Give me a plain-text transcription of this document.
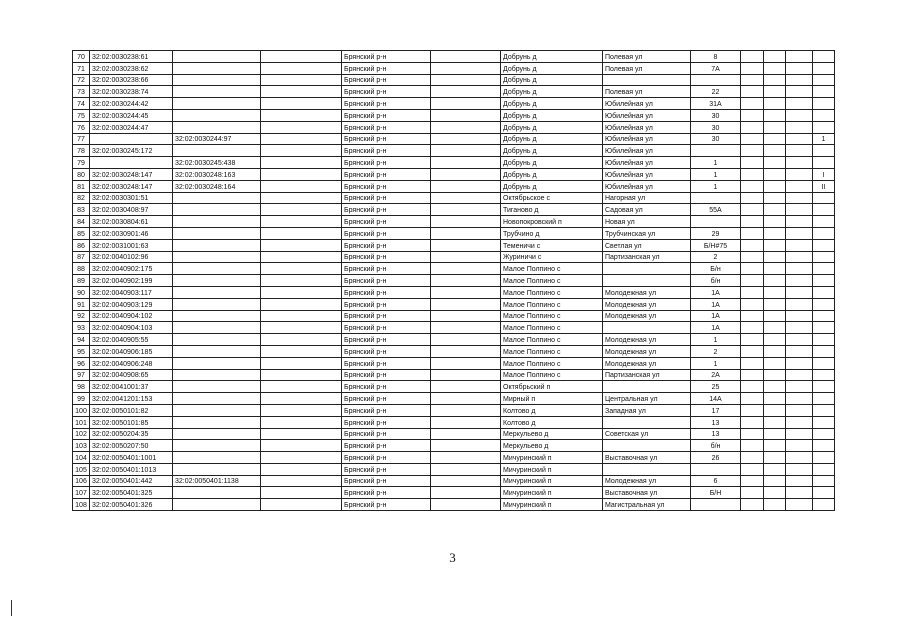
70	32:02:0030238:61			Брянский р-н		Добрунь д	Полевая ул	8				
71	32:02:0030238:62			Брянский р-н		Добрунь д	Полевая ул	7А				
72	32:02:0030238:66			Брянский р-н		Добрунь д						
73	32:02:0030238:74			Брянский р-н		Добрунь д	Полевая ул	22				
74	32:02:0030244:42			Брянский р-н		Добрунь д	Юбилейная ул	31А				
75	32:02:0030244:45			Брянский р-н		Добрунь д	Юбилейная ул	30				
76	32:02:0030244:47			Брянский р-н		Добрунь д	Юбилейная ул	30				
77		32:02:0030244:97		Брянский р-н		Добрунь д	Юбилейная ул	30				1
78	32:02:0030245:172			Брянский р-н		Добрунь д	Юбилейная ул					
79		32:02:0030245:438		Брянский р-н		Добрунь д	Юбилейная ул	1				
80	32:02:0030248:147	32:02:0030248:163		Брянский р-н		Добрунь д	Юбилейная ул	1				I
81	32:02:0030248:147	32:02:0030248:164		Брянский р-н		Добрунь д	Юбилейная ул	1				II
82	32:02:0030301:51			Брянский р-н		Октябрьское с	Нагорная ул					
83	32:02:0030408:97			Брянский р-н		Тиганово д	Садовая ул	55А				
84	32:02:0030804:61			Брянский р-н		Новопокровский п	Новая ул					
85	32:02:0030901:46			Брянский р-н		Трубчино д	Трубчинская ул	29				
86	32:02:0031001:63			Брянский р-н		Теменичи с	Светлая ул	Б/Н#75				
87	32:02:0040102:96			Брянский р-н		Журиничи с	Партизанская ул	2				
88	32:02:0040902:175			Брянский р-н		Малое Полпино с		Б/н				
89	32:02:0040902:199			Брянский р-н		Малое Полпино с		б/н				
90	32:02:0040903:117			Брянский р-н		Малое Полпино с	Молодежная ул	1А				
91	32:02:0040903:129			Брянский р-н		Малое Полпино с	Молодежная ул	1А				
92	32:02:0040904:102			Брянский р-н		Малое Полпино с	Молодежная ул	1А				
93	32:02:0040904:103			Брянский р-н		Малое Полпино с		1А				
94	32:02:0040905:55			Брянский р-н		Малое Полпино с	Молодежная ул	1				
95	32:02:0040906:185			Брянский р-н		Малое Полпино с	Молодежная ул	2				
96	32:02:0040906:248			Брянский р-н		Малое Полпино с	Молодежная ул	1				
97	32:02:0040908:65			Брянский р-н		Малое Полпино с	Партизанская ул	2А				
98	32:02:0041001:37			Брянский р-н		Октябрьский п		25				
99	32:02:0041201:153			Брянский р-н		Мирный п	Центральная ул	14А				
100	32:02:0050101:82			Брянский р-н		Колтово д	Западная ул	17				
101	32:02:0050101:85			Брянский р-н		Колтово д		13				
102	32:02:0050204:35			Брянский р-н		Меркульево д	Советская ул	13				
103	32:02:0050207:50			Брянский р-н		Меркульево д		б/н				
104	32:02:0050401:1001			Брянский р-н		Мичуринский п	Выставочная ул	26				
105	32:02:0050401:1013			Брянский р-н		Мичуринский п						
106	32:02:0050401:442	32:02:0050401:1138		Брянский р-н		Мичуринский п	Молодежная ул	6				
107	32:02:0050401:325			Брянский р-н		Мичуринский п	Выставочная ул	Б/Н				
108	32:02:0050401:326			Брянский р-н		Мичуринский п	Магистральная ул					
3
